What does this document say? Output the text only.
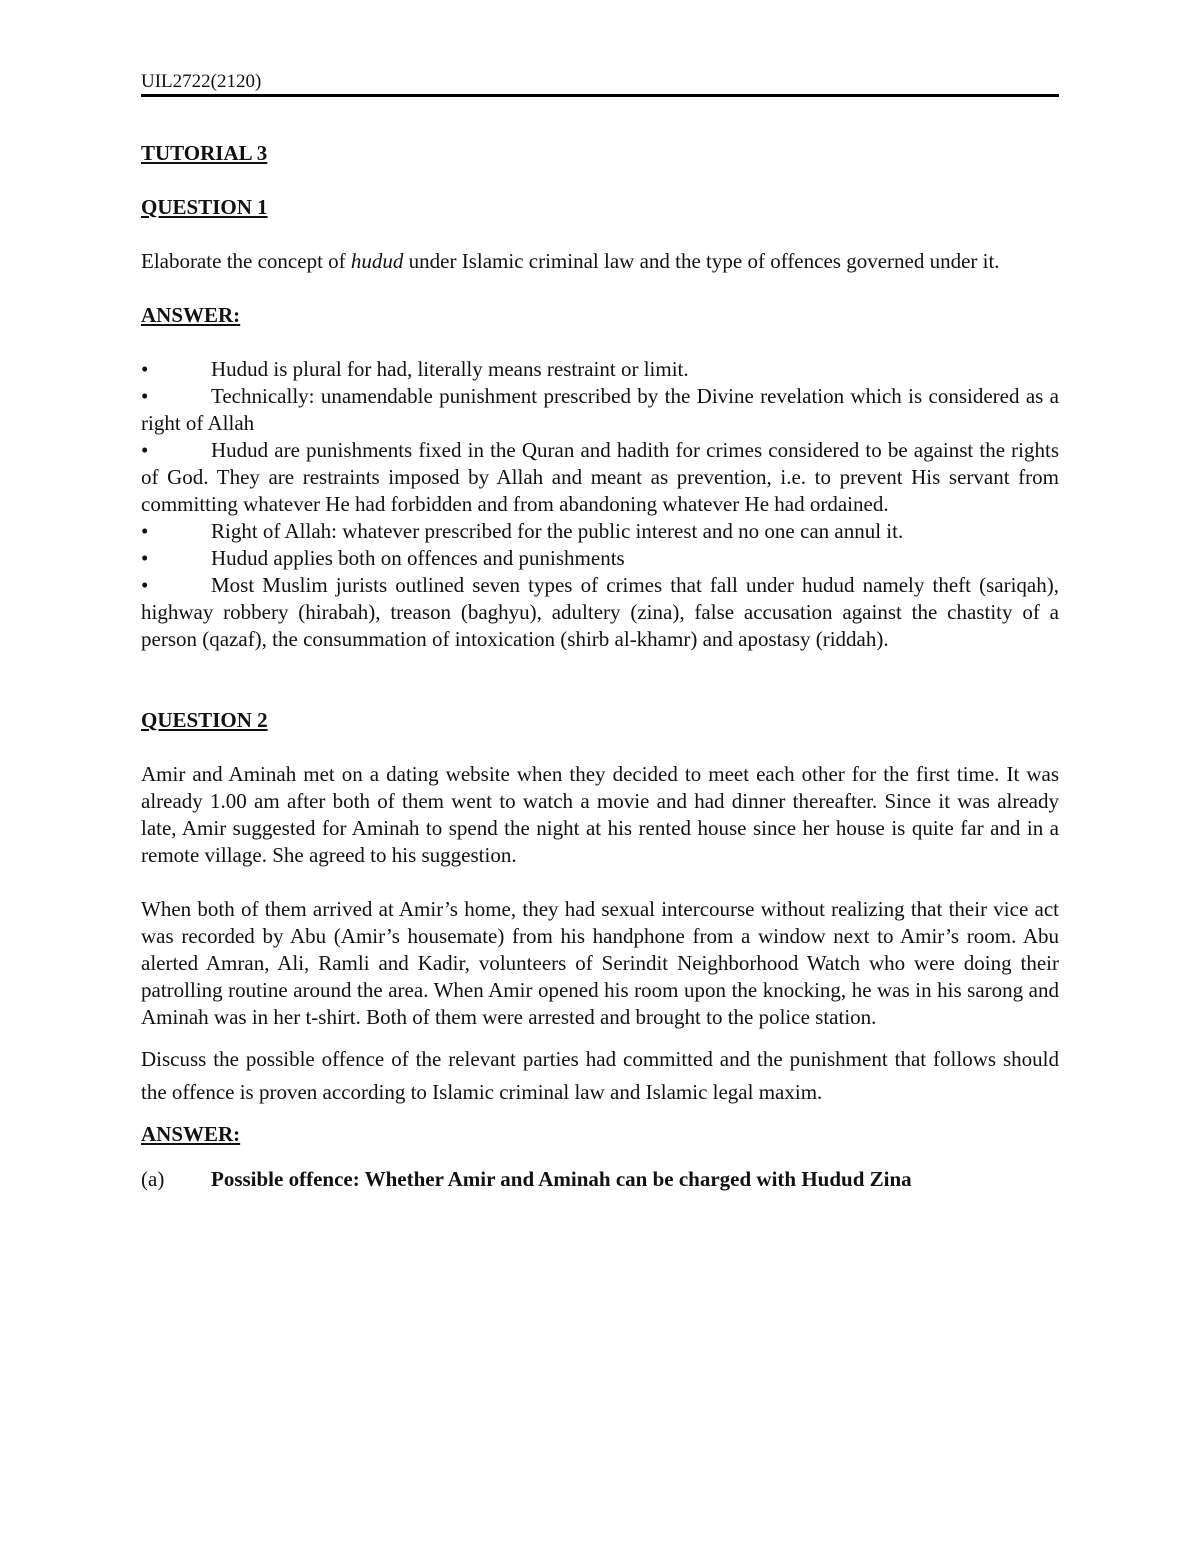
UIL2722(2120)

TUTORIAL 3

QUESTION 1

Elaborate the concept of hudud under Islamic criminal law and the type of offences governed under it.

ANSWER:

•	Hudud is plural for had, literally means restraint or limit.
•	Technically: unamendable punishment prescribed by the Divine revelation which is considered as a right of Allah
•	Hudud are punishments fixed in the Quran and hadith for crimes considered to be against the rights of God. They are restraints imposed by Allah and meant as prevention, i.e. to prevent His servant from committing whatever He had forbidden and from abandoning whatever He had ordained.
•	Right of Allah: whatever prescribed for the public interest and no one can annul it.
•	Hudud applies both on offences and punishments
•	Most Muslim jurists outlined seven types of crimes that fall under hudud namely theft (sariqah), highway robbery (hirabah), treason (baghyu), adultery (zina), false accusation against the chastity of a person (qazaf), the consummation of intoxication (shirb al-khamr) and apostasy (riddah).

QUESTION 2

Amir and Aminah met on a dating website when they decided to meet each other for the first time. It was already 1.00 am after both of them went to watch a movie and had dinner thereafter. Since it was already late, Amir suggested for Aminah to spend the night at his rented house since her house is quite far and in a remote village. She agreed to his suggestion.

When both of them arrived at Amir’s home, they had sexual intercourse without realizing that their vice act was recorded by Abu (Amir’s housemate) from his handphone from a window next to Amir’s room. Abu alerted Amran, Ali, Ramli and Kadir, volunteers of Serindit Neighborhood Watch who were doing their patrolling routine around the area. When Amir opened his room upon the knocking, he was in his sarong and Aminah was in her t-shirt. Both of them were arrested and brought to the police station.

Discuss the possible offence of the relevant parties had committed and the punishment that follows should the offence is proven according to Islamic criminal law and Islamic legal maxim.

ANSWER:

(a)	Possible offence: Whether Amir and Aminah can be charged with Hudud Zina
